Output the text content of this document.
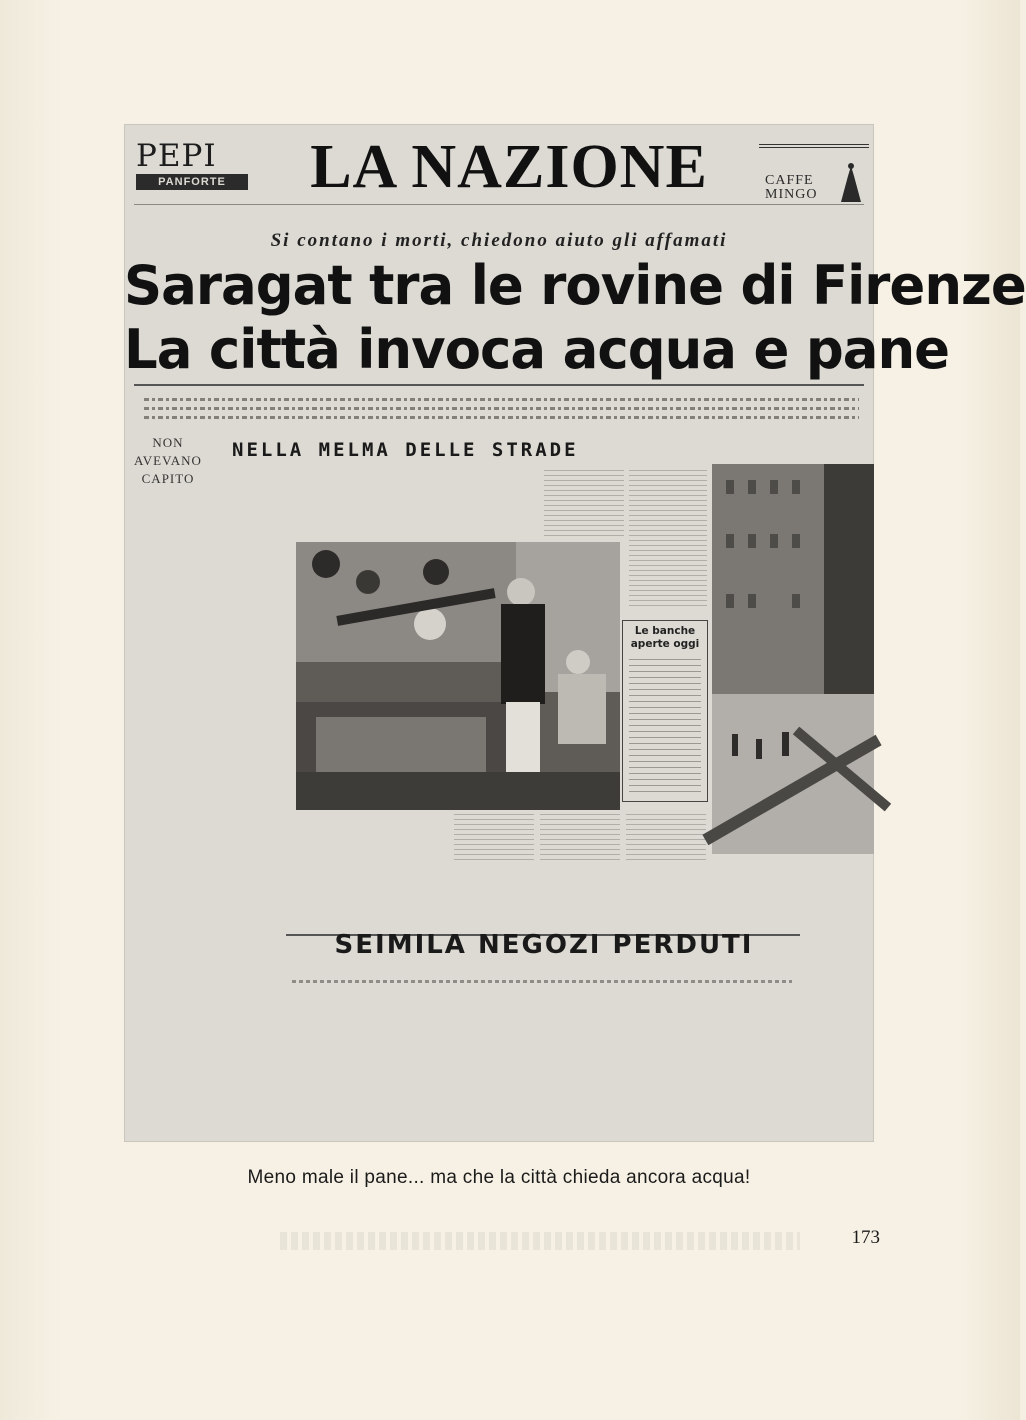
PEPI
PANFORTE	LA NAZIONE	CAFFE
MINGO
Si contano i morti, chiedono aiuto gli affamati
Saragat tra le rovine di Firenze
La città invoca acqua e pane
NON AVEVANO
CAPITO
NELLA MELMA DELLE STRADE
Le banche aperte oggi
SEIMILA NEGOZI PERDUTI
Meno male il pane... ma che la città chieda ancora acqua!
173
